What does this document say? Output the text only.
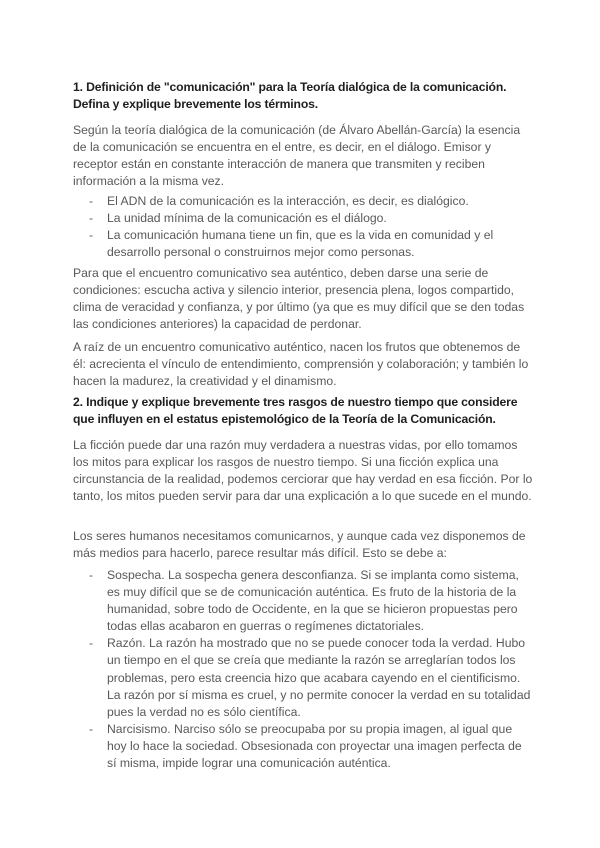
1. Definición de "comunicación" para la Teoría dialógica de la comunicación. Defina y explique brevemente los términos.

Según la teoría dialógica de la comunicación (de Álvaro Abellán-García) la esencia de la comunicación se encuentra en el entre, es decir, en el diálogo. Emisor y receptor están en constante interacción de manera que transmiten y reciben información a la misma vez.

- El ADN de la comunicación es la interacción, es decir, es dialógico.
- La unidad mínima de la comunicación es el diálogo.
- La comunicación humana tiene un fin, que es la vida en comunidad y el desarrollo personal o construirnos mejor como personas.

Para que el encuentro comunicativo sea auténtico, deben darse una serie de condiciones: escucha activa y silencio interior, presencia plena, logos compartido, clima de veracidad y confianza, y por último (ya que es muy difícil que se den todas las condiciones anteriores) la capacidad de perdonar.

A raíz de un encuentro comunicativo auténtico, nacen los frutos que obtenemos de él: acrecienta el vínculo de entendimiento, comprensión y colaboración; y también lo hacen la madurez, la creatividad y el dinamismo.

2. Indique y explique brevemente tres rasgos de nuestro tiempo que considere que influyen en el estatus epistemológico de la Teoría de la Comunicación.

La ficción puede dar una razón muy verdadera a nuestras vidas, por ello tomamos los mitos para explicar los rasgos de nuestro tiempo. Si una ficción explica una circunstancia de la realidad, podemos cerciorar que hay verdad en esa ficción. Por lo tanto, los mitos pueden servir para dar una explicación a lo que sucede en el mundo.

Los seres humanos necesitamos comunicarnos, y aunque cada vez disponemos de más medios para hacerlo, parece resultar más difícil. Esto se debe a:

- Sospecha. La sospecha genera desconfianza. Si se implanta como sistema, es muy difícil que se de comunicación auténtica. Es fruto de la historia de la humanidad, sobre todo de Occidente, en la que se hicieron propuestas pero todas ellas acabaron en guerras o regímenes dictatoriales.
- Razón. La razón ha mostrado que no se puede conocer toda la verdad. Hubo un tiempo en el que se creía que mediante la razón se arreglarían todos los problemas, pero esta creencia hizo que acabara cayendo en el cientificismo. La razón por sí misma es cruel, y no permite conocer la verdad en su totalidad pues la verdad no es sólo científica.
- Narcisismo. Narciso sólo se preocupaba por su propia imagen, al igual que hoy lo hace la sociedad. Obsesionada con proyectar una imagen perfecta de sí misma, impide lograr una comunicación auténtica.
